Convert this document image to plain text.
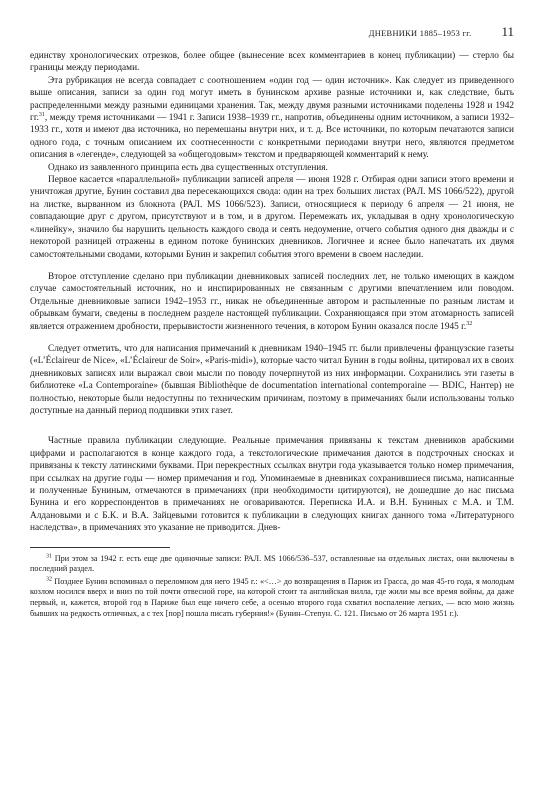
ДНЕВНИКИ 1885–1953 гг. 11

единству хронологических отрезков, более общее (вынесение всех комментариев в конец публикации) — стерло бы границы между периодами.

Эта рубрикация не всегда совпадает с соотношением «один год — один источник». Как следует из приведенного выше описания, записи за один год могут иметь в бунинском архиве разные источники и, как следствие, быть распределенными между разными единицами хранения. Так, между двумя разными источниками поделены 1928 и 1942 гг.$^{31}$, между тремя источниками — 1941 г. Записи 1938–1939 гг., напротив, объединены одним источником, а записи 1932–1933 гг., хотя и имеют два источника, но перемешаны внутри них, и т. д. Все источники, по которым печатаются записи одного года, с точным описанием их соотнесенности с конкретными периодами внутри него, являются предметом описания в «легенде», следующей за «общегодовым» текстом и предваряющей комментарий к нему.

Однако из заявленного принципа есть два существенных отступления.

Первое касается «параллельной» публикации записей апреля — июня 1928 г. Отбирая одни записи этого времени и уничтожая другие, Бунин составил два пересекающихся свода: один на трех больших листах (РАЛ. MS 1066/522), другой на листке, вырванном из блокнота (РАЛ. MS 1066/523). Записи, относящиеся к периоду 6 апреля — 21 июня, не совпадающие друг с другом, присутствуют и в том, и в другом. Перемежать их, укладывая в одну хронологическую «линейку», значило бы нарушить цельность каждого свода и сеять недоумение, отчего события одного дня дважды и с некоторой разницей отражены в едином потоке бунинских дневников. Логичнее и яснее было напечатать их двумя самостоятельными сводами, которыми Бунин и закрепил события этого времени в своем наследии.

Второе отступление сделано при публикации дневниковых записей последних лет, не только имеющих в каждом случае самостоятельный источник, но и инспирированных не связанным с другими впечатлением или поводом. Отдельные дневниковые записи 1942–1953 гг., никак не объединенные автором и распыленные по разным листам и обрывкам бумаги, сведены в последнем разделе настоящей публикации. Сохраняющаяся при этом атомарность записей является отражением дробности, прерывистости жизненного течения, в котором Бунин оказался после 1945 г.$^{32}$

Следует отметить, что для написания примечаний к дневникам 1940–1945 гг. были привлечены французские газеты («L’Éclaireur de Nice», «L’Éclaireur de Soir», «Paris-midi»), которые часто читал Бунин в годы войны, цитировал их в своих дневниковых записях или выражал свои мысли по поводу почерпнутой из них информации. Сохранились эти газеты в библиотеке «La Contemporaine» (бывшая Bibliothèque de documentation international contemporaine — BDIC, Нантер) не полностью, некоторые были недоступны по техническим причинам, поэтому в примечаниях были использованы только доступные на данный период подшивки этих газет.

Частные правила публикации следующие. Реальные примечания привязаны к текстам дневников арабскими цифрами и располагаются в конце каждого года, а текстологические примечания даются в подстрочных сносках и привязаны к тексту латинскими буквами. При перекрестных ссылках внутри года указывается только номер примечания, при ссылках на другие годы — номер примечания и год. Упоминаемые в дневниках сохранившиеся письма, написанные и полученные Буниным, отмечаются в примечаниях (при необходимости цитируются), не дошедшие до нас письма Бунина и его корреспондентов в примечаниях не оговариваются. Переписка И.А. и В.Н. Буниных с М.А. и Т.М. Алдановыми и с Б.К. и В.А. Зайцевыми готовится к публикации в следующих книгах данного тома «Литературного наследства», в примечаниях это указание не приводится. Днев-

$^{31}$ При этом за 1942 г. есть еще две одиночные записи: РАЛ. MS 1066/536–537, оставленные на отдельных листах, они включены в последний раздел.

$^{32}$ Позднее Бунин вспоминал о переломном для него 1945 г.: «<…> до возвращения в Париж из Грасса, до мая 45-го года, я молодым козлом носился вверх и вниз по той почти отвесной горе, на которой стоит та английская вилла, где жили мы все время войны, да даже первый, и, кажется, второй год в Париже был еще ничего себе, а осенью второго года схватил воспаление легких, — всю мою жизнь бывших на редкость отличных, а с тех [пор] пошла писать губерния!» (Бунин–Степун. С. 121. Письмо от 26 марта 1951 г.).
